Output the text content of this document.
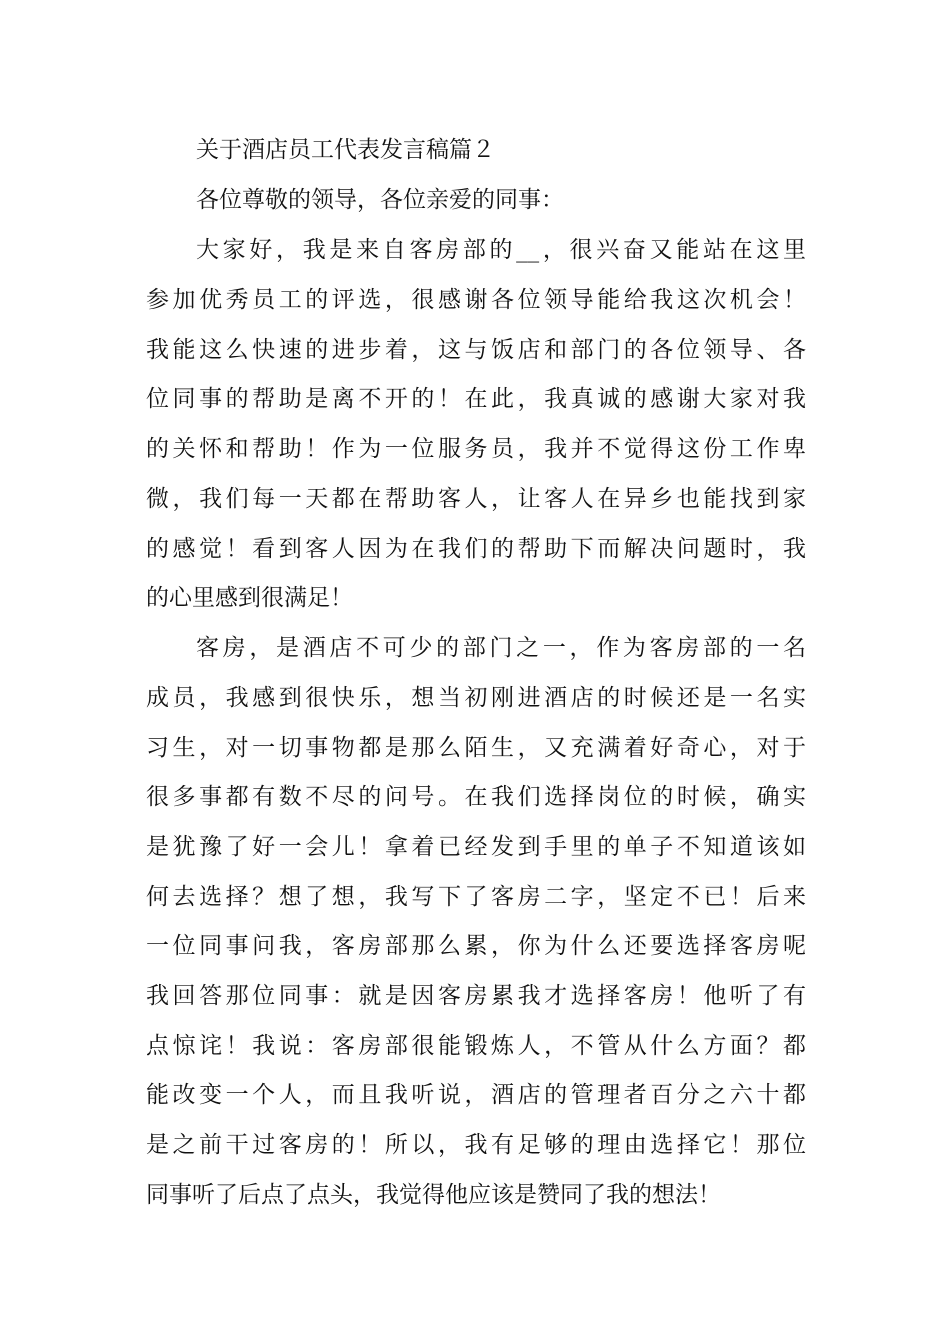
关于酒店员工代表发言稿篇２
各位尊敬的领导，各位亲爱的同事：
大家好，我是来自客房部的__，很兴奋又能站在这里
参加优秀员工的评选，很感谢各位领导能给我这次机会！
我能这么快速的进步着，这与饭店和部门的各位领导、各
位同事的帮助是离不开的！在此，我真诚的感谢大家对我
的关怀和帮助！作为一位服务员，我并不觉得这份工作卑
微，我们每一天都在帮助客人，让客人在异乡也能找到家
的感觉！看到客人因为在我们的帮助下而解决问题时，我
的心里感到很满足！
客房，是酒店不可少的部门之一，作为客房部的一名
成员，我感到很快乐，想当初刚进酒店的时候还是一名实
习生，对一切事物都是那么陌生，又充满着好奇心，对于
很多事都有数不尽的问号。在我们选择岗位的时候，确实
是犹豫了好一会儿！拿着已经发到手里的单子不知道该如
何去选择？想了想，我写下了客房二字，坚定不已！后来
一位同事问我，客房部那么累，你为什么还要选择客房呢
我回答那位同事：就是因客房累我才选择客房！他听了有
点惊诧！我说：客房部很能锻炼人，不管从什么方面？都
能改变一个人，而且我听说，酒店的管理者百分之六十都
是之前干过客房的！所以，我有足够的理由选择它！那位
同事听了后点了点头，我觉得他应该是赞同了我的想法！
